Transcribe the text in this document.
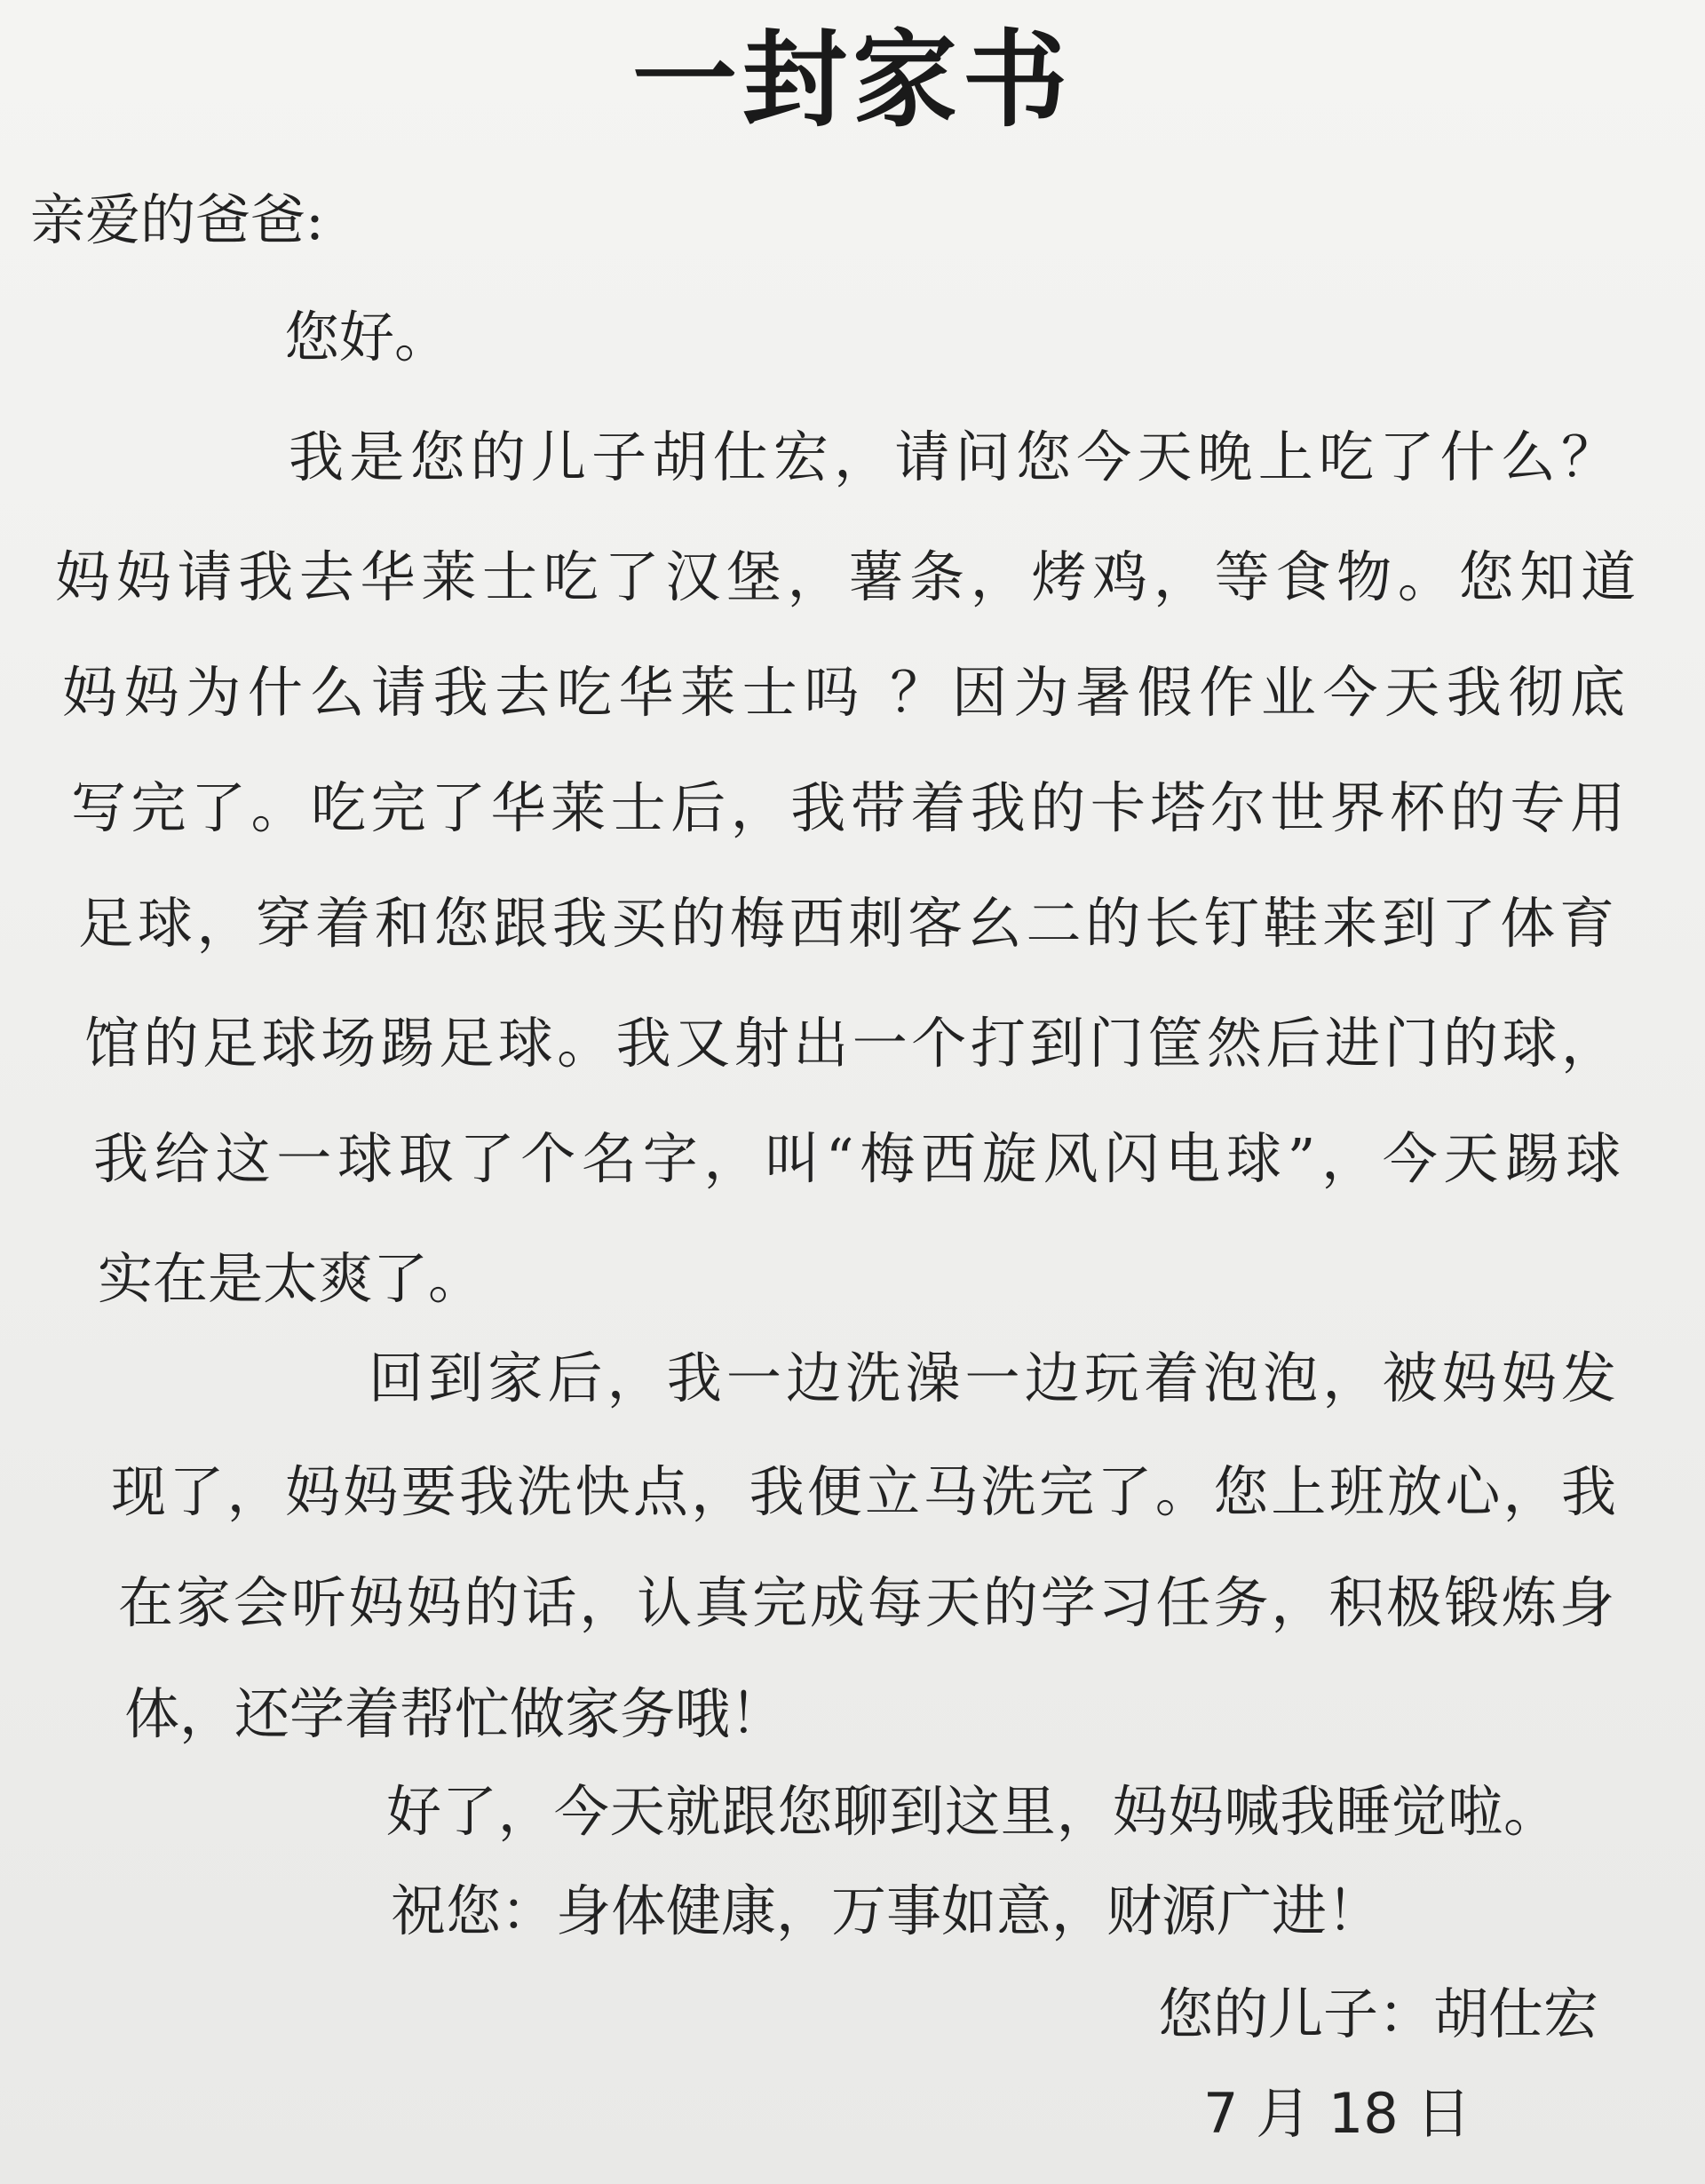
一封家书
亲爱的爸爸:
您好。
我是您的儿子胡仕宏，请问您今天晚上吃了什么？
妈妈请我去华莱士吃了汉堡，薯条，烤鸡，等食物。您知道
妈妈为什么请我去吃华莱士吗 ？因为暑假作业今天我彻底
写完了。吃完了华莱士后，我带着我的卡塔尔世界杯的专用
足球，穿着和您跟我买的梅西刺客幺二的长钉鞋来到了体育
馆的足球场踢足球。我又射出一个打到门筐然后进门的球，
我给这一球取了个名字，叫“梅西旋风闪电球”，今天踢球
实在是太爽了。
回到家后，我一边洗澡一边玩着泡泡，被妈妈发
现了，妈妈要我洗快点，我便立马洗完了。您上班放心，我
在家会听妈妈的话，认真完成每天的学习任务，积极锻炼身
体，还学着帮忙做家务哦！
好了，今天就跟您聊到这里，妈妈喊我睡觉啦。
祝您：身体健康，万事如意，财源广进！
您的儿子：胡仕宏
7 月 18 日
